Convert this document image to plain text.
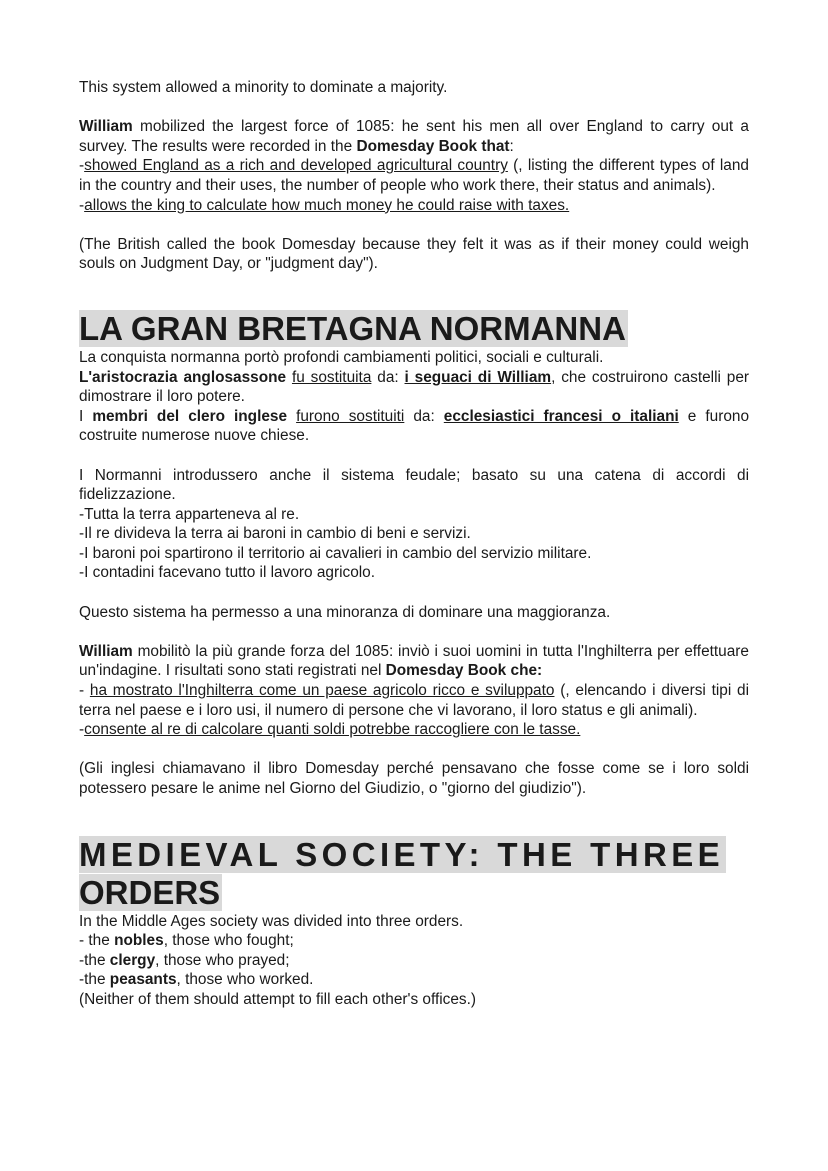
This system allowed a minority to dominate a majority.

William mobilized the largest force of 1085: he sent his men all over England to carry out a survey. The results were recorded in the Domesday Book that:

-showed England as a rich and developed agricultural country (, listing the different types of land in the country and their uses, the number of people who work there, their status and animals).

-allows the king to calculate how much money he could raise with taxes.

(The British called the book Domesday because they felt it was as if their money could weigh souls on Judgment Day, or "judgment day").

LA GRAN BRETAGNA NORMANNA

La conquista normanna portò profondi cambiamenti politici, sociali e culturali.

L'aristocrazia anglosassone fu sostituita da: i seguaci di William, che costruirono castelli per dimostrare il loro potere.

I membri del clero inglese furono sostituiti da: ecclesiastici francesi o italiani e furono costruite numerose nuove chiese.

I Normanni introdussero anche il sistema feudale; basato su una catena di accordi di fidelizzazione.

-Tutta la terra apparteneva al re.

-Il re divideva la terra ai baroni in cambio di beni e servizi.

-I baroni poi spartirono il territorio ai cavalieri in cambio del servizio militare.

-I contadini facevano tutto il lavoro agricolo.

Questo sistema ha permesso a una minoranza di dominare una maggioranza.

William mobilitò la più grande forza del 1085: inviò i suoi uomini in tutta l'Inghilterra per effettuare un'indagine. I risultati sono stati registrati nel Domesday Book che:

- ha mostrato l'Inghilterra come un paese agricolo ricco e sviluppato (, elencando i diversi tipi di terra nel paese e i loro usi, il numero di persone che vi lavorano, il loro status e gli animali).

-consente al re di calcolare quanti soldi potrebbe raccogliere con le tasse.

(Gli inglesi chiamavano il libro Domesday perché pensavano che fosse come se i loro soldi potessero pesare le anime nel Giorno del Giudizio, o "giorno del giudizio").

MEDIEVAL SOCIETY: THE THREE
ORDERS

In the Middle Ages society was divided into three orders.

- the nobles, those who fought;

-the clergy, those who prayed;

-the peasants, those who worked.

(Neither of them should attempt to fill each other's offices.)
